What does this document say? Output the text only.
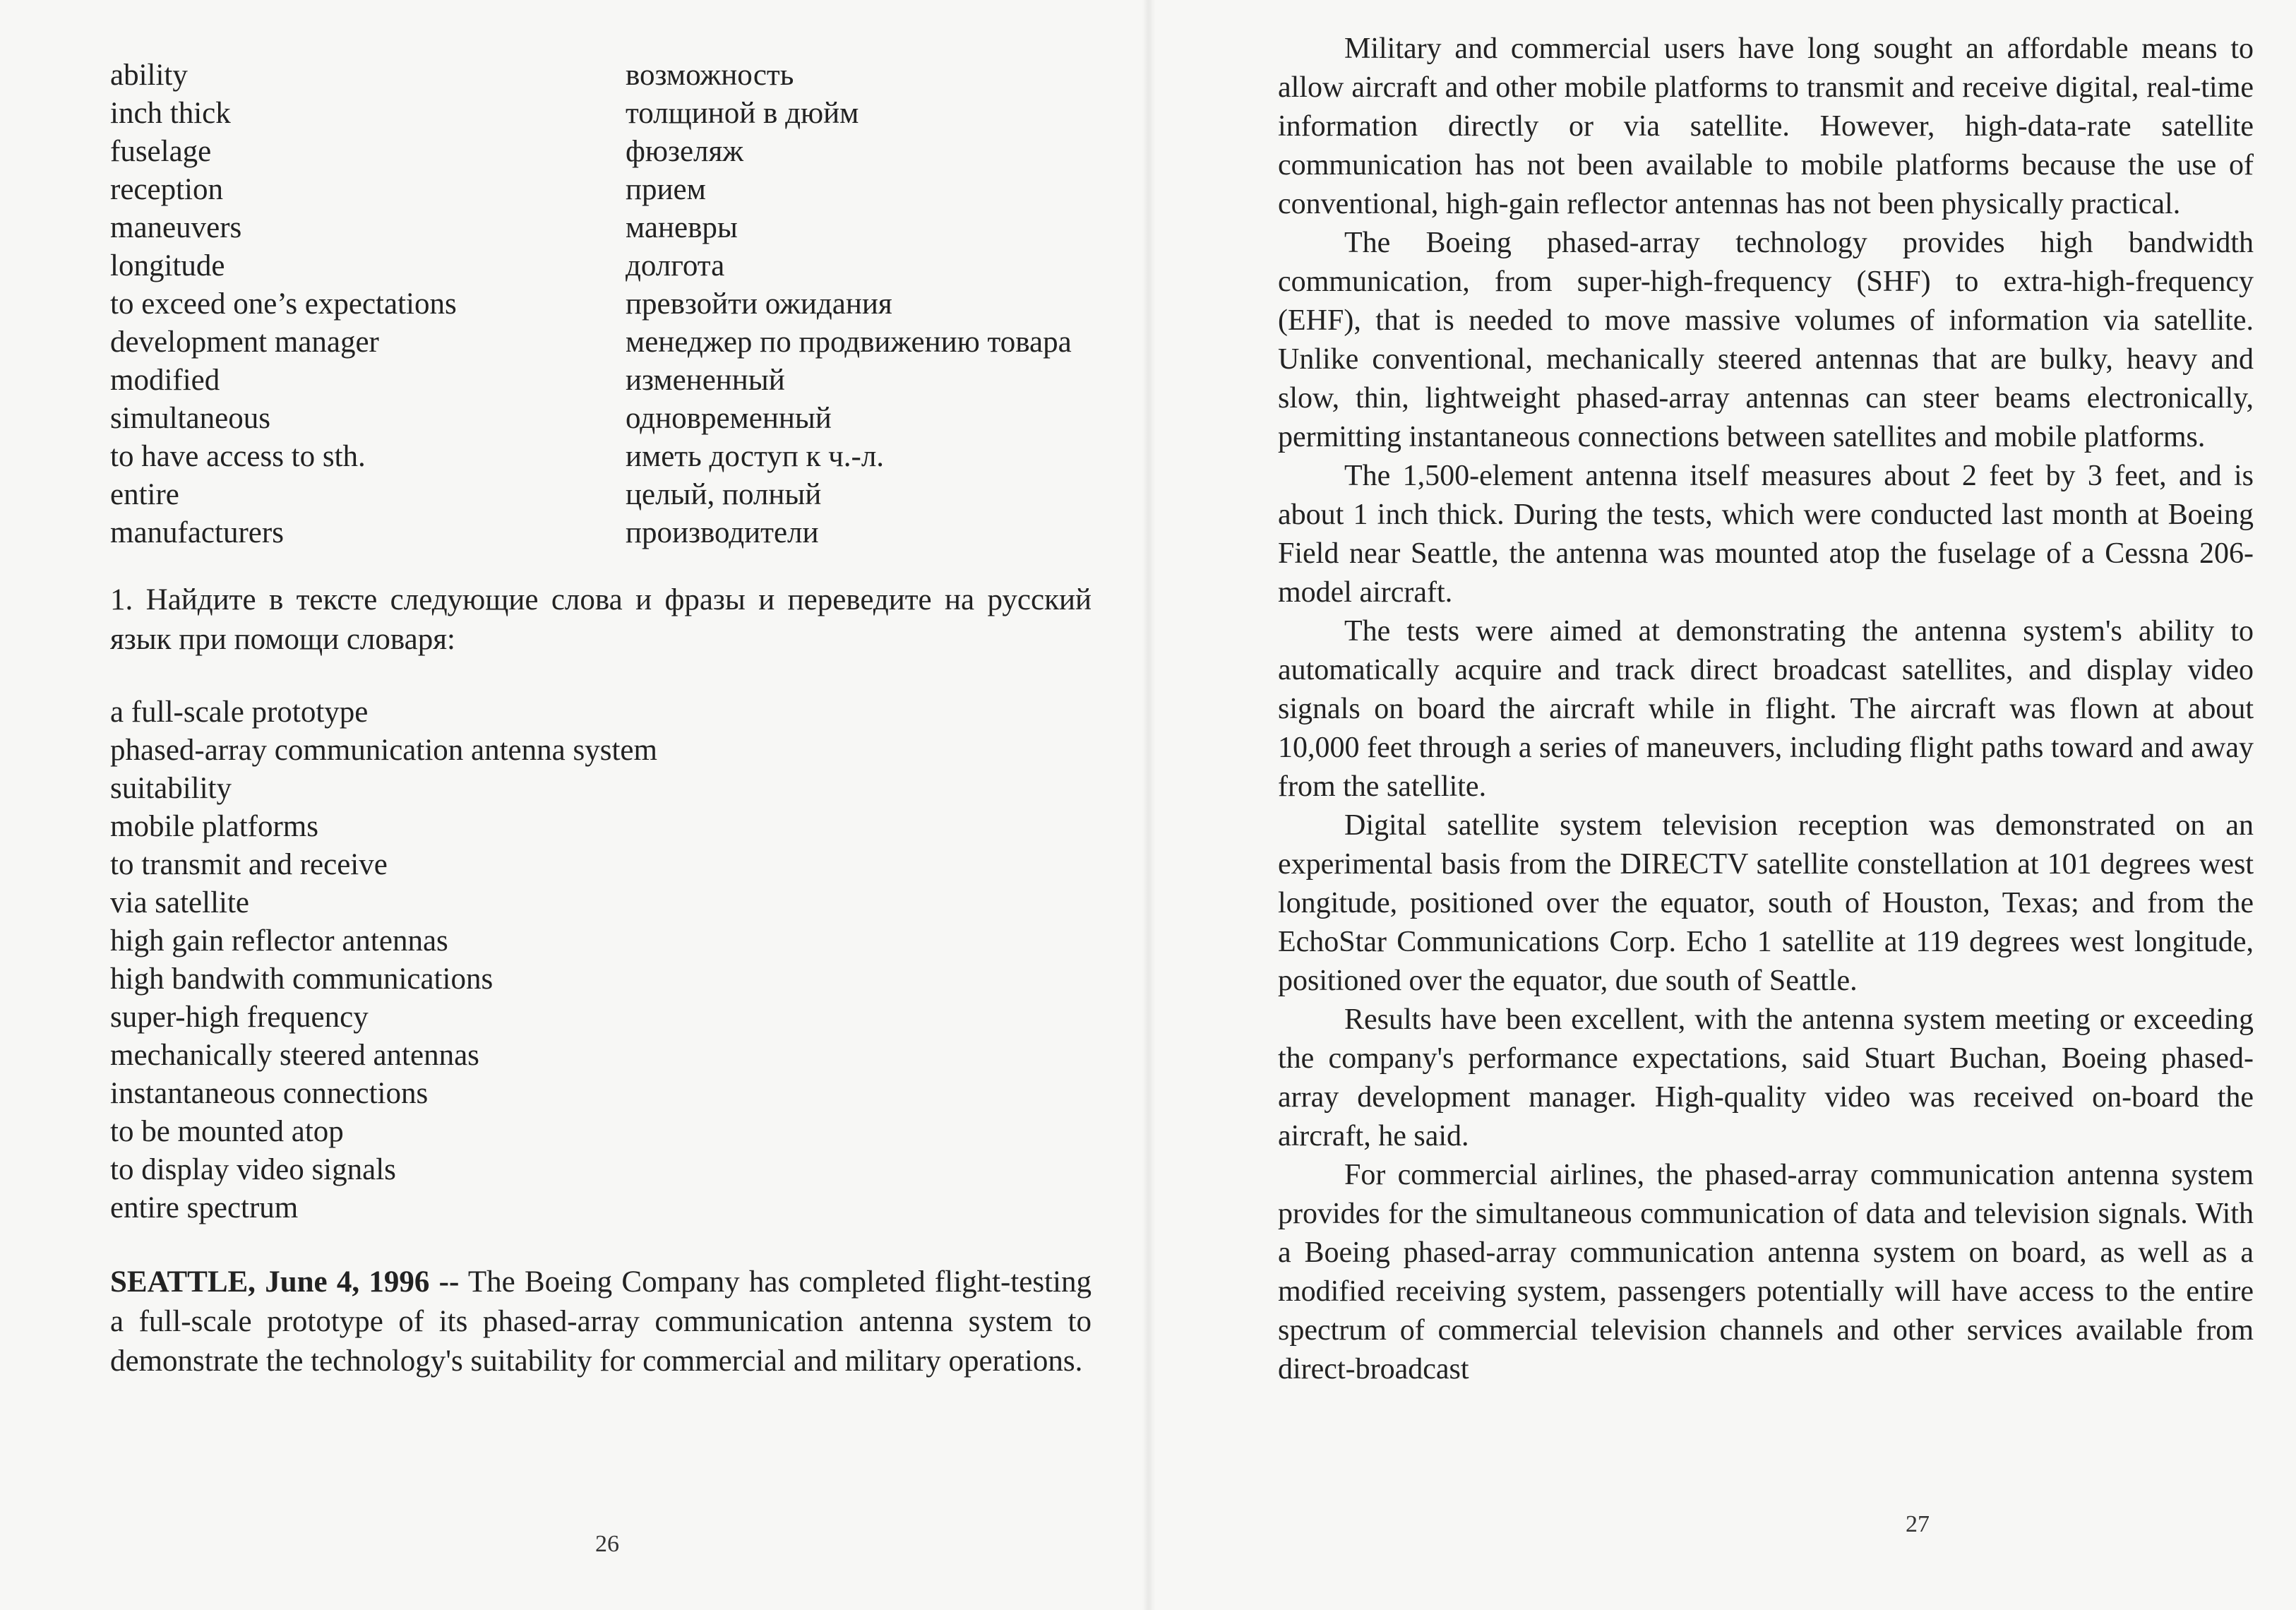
ability	возможность
inch thick	толщиной в дюйм
fuselage	фюзеляж
reception	прием
maneuvers	маневры
longitude	долгота
to exceed one’s expectations	превзойти ожидания
development manager	менеджер по продвижению товара
modified	измененный
simultaneous	одновременный
to have access to sth.	иметь доступ к ч.-л.
entire	целый, полный
manufacturers	производители
1. Найдите в тексте следующие слова и фразы и переведите на русский язык при помощи словаря:
a full-scale prototype
phased-array communication antenna system
suitability
mobile platforms
to transmit and receive
via satellite
high gain reflector antennas
high bandwith communications
super-high frequency
mechanically steered antennas
instantaneous connections
to be mounted atop
to display video signals
entire spectrum
SEATTLE, June 4, 1996 -- The Boeing Company has completed flight-testing a full-scale prototype of its phased-array communication antenna system to demonstrate the technology's suitability for commercial and military operations.
26

Military and commercial users have long sought an affordable means to allow aircraft and other mobile platforms to transmit and receive digital, real-time information directly or via satellite. However, high-data-rate satellite communication has not been available to mobile platforms because the use of conventional, high-gain reflector antennas has not been physically practical.

The Boeing phased-array technology provides high bandwidth communication, from super-high-frequency (SHF) to extra-high-frequency (EHF), that is needed to move massive volumes of information via satellite. Unlike conventional, mechanically steered antennas that are bulky, heavy and slow, thin, lightweight phased-array antennas can steer beams electronically, permitting instantaneous connections between satellites and mobile platforms.

The 1,500-element antenna itself measures about 2 feet by 3 feet, and is about 1 inch thick. During the tests, which were conducted last month at Boeing Field near Seattle, the antenna was mounted atop the fuselage of a Cessna 206-model aircraft.

The tests were aimed at demonstrating the antenna system's ability to automatically acquire and track direct broadcast satellites, and display video signals on board the aircraft while in flight. The aircraft was flown at about 10,000 feet through a series of maneuvers, including flight paths toward and away from the satellite.

Digital satellite system television reception was demonstrated on an experimental basis from the DIRECTV satellite constellation at 101 degrees west longitude, positioned over the equator, south of Houston, Texas; and from the EchoStar Communications Corp. Echo 1 satellite at 119 degrees west longitude, positioned over the equator, due south of Seattle.

Results have been excellent, with the antenna system meeting or exceeding the company's performance expectations, said Stuart Buchan, Boeing phased-array development manager. High-quality video was received on-board the aircraft, he said.

For commercial airlines, the phased-array communication antenna system provides for the simultaneous communication of data and television signals. With a Boeing phased-array communication antenna system on board, as well as a modified receiving system, passengers potentially will have access to the entire spectrum of commercial television channels and other services available from direct-broadcast

27
